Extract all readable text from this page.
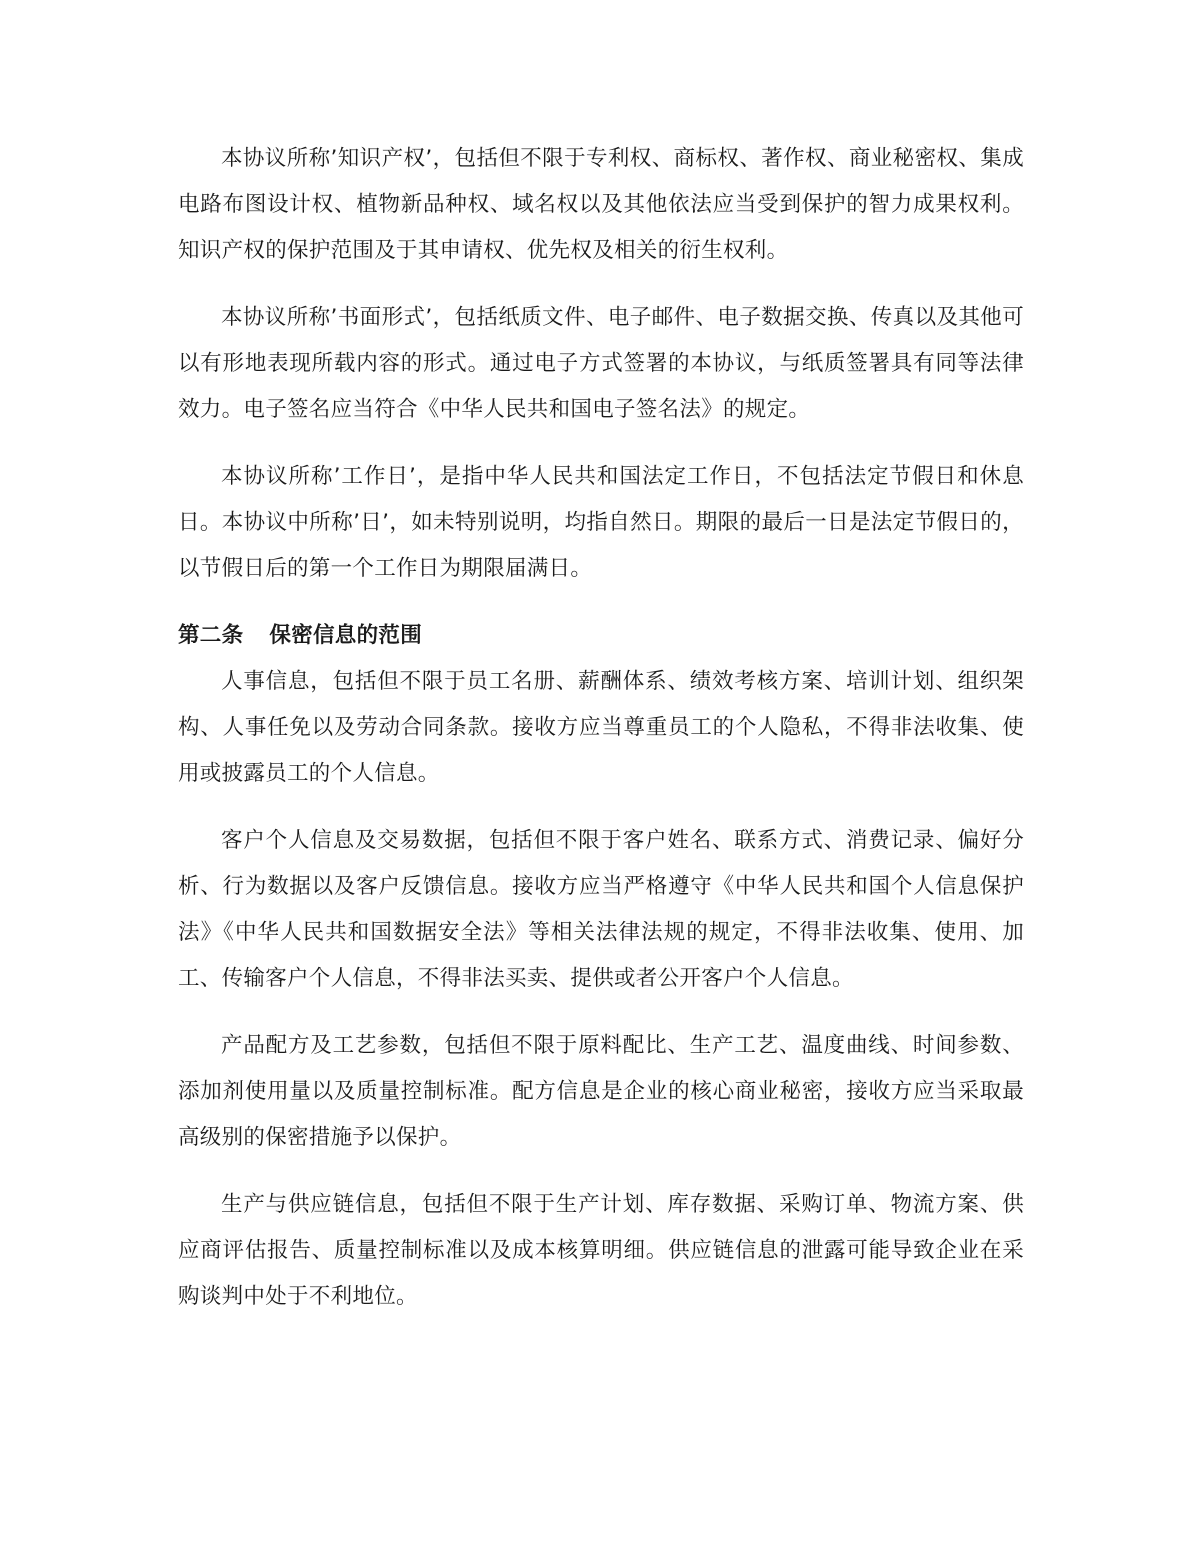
本协议所称’知识产权’，包括但不限于专利权、商标权、著作权、商业秘密权、集成电路布图设计权、植物新品种权、域名权以及其他依法应当受到保护的智力成果权利。知识产权的保护范围及于其申请权、优先权及相关的衍生权利。

本协议所称’书面形式’，包括纸质文件、电子邮件、电子数据交换、传真以及其他可以有形地表现所载内容的形式。通过电子方式签署的本协议，与纸质签署具有同等法律效力。电子签名应当符合《中华人民共和国电子签名法》的规定。

本协议所称’工作日’，是指中华人民共和国法定工作日，不包括法定节假日和休息日。本协议中所称’日’，如未特别说明，均指自然日。期限的最后一日是法定节假日的，以节假日后的第一个工作日为期限届满日。

第二条 保密信息的范围

人事信息，包括但不限于员工名册、薪酬体系、绩效考核方案、培训计划、组织架构、人事任免以及劳动合同条款。接收方应当尊重员工的个人隐私，不得非法收集、使用或披露员工的个人信息。

客户个人信息及交易数据，包括但不限于客户姓名、联系方式、消费记录、偏好分析、行为数据以及客户反馈信息。接收方应当严格遵守《中华人民共和国个人信息保护法》《中华人民共和国数据安全法》等相关法律法规的规定，不得非法收集、使用、加工、传输客户个人信息，不得非法买卖、提供或者公开客户个人信息。

产品配方及工艺参数，包括但不限于原料配比、生产工艺、温度曲线、时间参数、添加剂使用量以及质量控制标准。配方信息是企业的核心商业秘密，接收方应当采取最高级别的保密措施予以保护。

生产与供应链信息，包括但不限于生产计划、库存数据、采购订单、物流方案、供应商评估报告、质量控制标准以及成本核算明细。供应链信息的泄露可能导致企业在采购谈判中处于不利地位。
